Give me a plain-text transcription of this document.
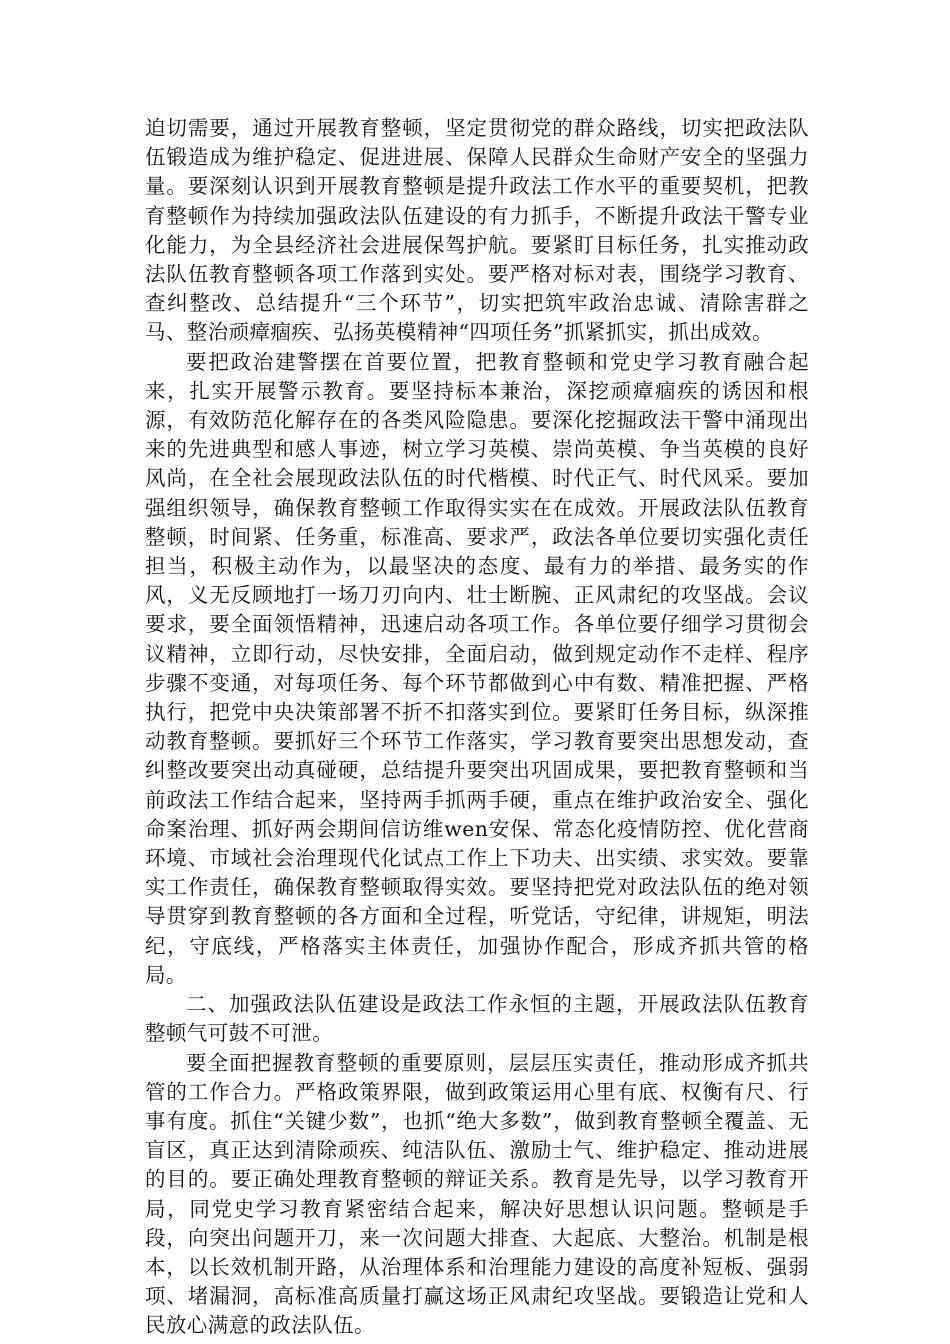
迫切需要，通过开展教育整顿，坚定贯彻党的群众路线，切实把政法队伍锻造成为维护稳定、促进进展、保障人民群众生命财产安全的坚强力量。要深刻认识到开展教育整顿是提升政法工作水平的重要契机，把教育整顿作为持续加强政法队伍建设的有力抓手，不断提升政法干警专业化能力，为全县经济社会进展保驾护航。要紧盯目标任务，扎实推动政法队伍教育整顿各项工作落到实处。要严格对标对表，围绕学习教育、查纠整改、总结提升“三个环节”，切实把筑牢政治忠诚、清除害群之马、整治顽瘴痼疾、弘扬英模精神“四项任务”抓紧抓实，抓出成效。

要把政治建警摆在首要位置，把教育整顿和党史学习教育融合起来，扎实开展警示教育。要坚持标本兼治，深挖顽瘴痼疾的诱因和根源，有效防范化解存在的各类风险隐患。要深化挖掘政法干警中涌现出来的先进典型和感人事迹，树立学习英模、崇尚英模、争当英模的良好风尚，在全社会展现政法队伍的时代楷模、时代正气、时代风采。要加强组织领导，确保教育整顿工作取得实实在在成效。开展政法队伍教育整顿，时间紧、任务重，标准高、要求严，政法各单位要切实强化责任担当，积极主动作为，以最坚决的态度、最有力的举措、最务实的作风，义无反顾地打一场刀刃向内、壮士断腕、正风肃纪的攻坚战。会议要求，要全面领悟精神，迅速启动各项工作。各单位要仔细学习贯彻会议精神，立即行动，尽快安排，全面启动，做到规定动作不走样、程序步骤不变通，对每项任务、每个环节都做到心中有数、精准把握、严格执行，把党中央决策部署不折不扣落实到位。要紧盯任务目标，纵深推动教育整顿。要抓好三个环节工作落实，学习教育要突出思想发动，查纠整改要突出动真碰硬，总结提升要突出巩固成果，要把教育整顿和当前政法工作结合起来，坚持两手抓两手硬，重点在维护政治安全、强化命案治理、抓好两会期间信访维wen安保、常态化疫情防控、优化营商环境、市域社会治理现代化试点工作上下功夫、出实绩、求实效。要靠实工作责任，确保教育整顿取得实效。要坚持把党对政法队伍的绝对领导贯穿到教育整顿的各方面和全过程，听党话，守纪律，讲规矩，明法纪，守底线，严格落实主体责任，加强协作配合，形成齐抓共管的格局。

二、加强政法队伍建设是政法工作永恒的主题，开展政法队伍教育整顿气可鼓不可泄。

要全面把握教育整顿的重要原则，层层压实责任，推动形成齐抓共管的工作合力。严格政策界限，做到政策运用心里有底、权衡有尺、行事有度。抓住“关键少数”，也抓“绝大多数”，做到教育整顿全覆盖、无盲区，真正达到清除顽疾、纯洁队伍、激励士气、维护稳定、推动进展的目的。要正确处理教育整顿的辩证关系。教育是先导，以学习教育开局，同党史学习教育紧密结合起来，解决好思想认识问题。整顿是手段，向突出问题开刀，来一次问题大排查、大起底、大整治。机制是根本，以长效机制开路，从治理体系和治理能力建设的高度补短板、强弱项、堵漏洞，高标准高质量打赢这场正风肃纪攻坚战。要锻造让党和人民放心满意的政法队伍。
